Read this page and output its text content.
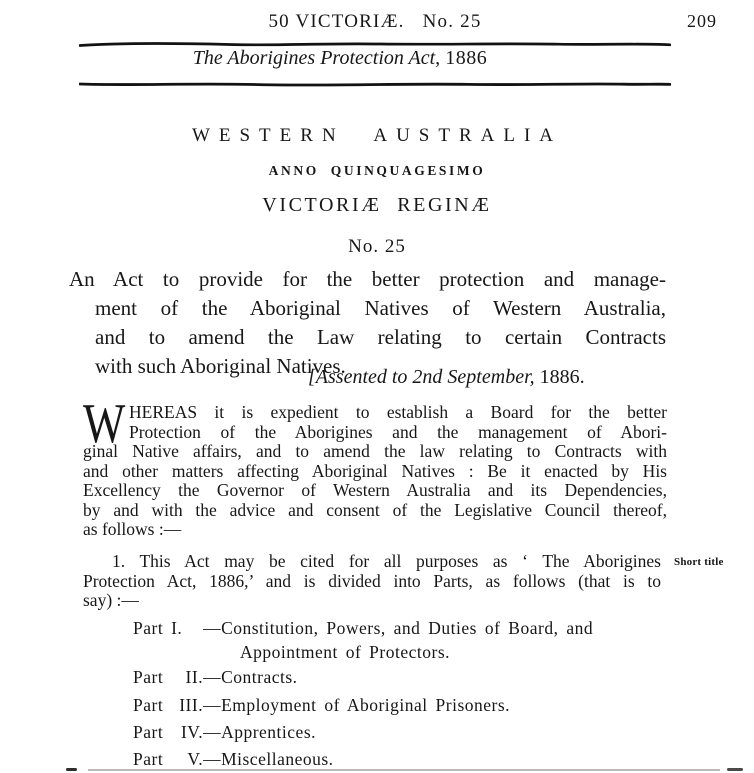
50 VICTORIÆ. No. 25	209
The Aborigines Protection Act, 1886
WESTERN AUSTRALIA
ANNO QUINQUAGESIMO
VICTORIÆ REGINÆ
No. 25
An Act to provide for the better protection and manage-
ment of the Aboriginal Natives of Western Australia,
and to amend the Law relating to certain Contracts
with such Aboriginal Natives.
[Assented to 2nd September, 1886.
W HEREAS it is expedient to establish a Board for the better
Protection of the Aborigines and the management of Abori-
ginal Native affairs, and to amend the law relating to Contracts with
and other matters affecting Aboriginal Natives : Be it enacted by His
Excellency the Governor of Western Australia and its Dependencies,
by and with the advice and consent of the Legislative Council thereof,
as follows :—
1. This Act may be cited for all purposes as ‘ The Aborigines
Protection Act, 1886,’ and is divided into Parts, as follows (that is to
say) :—
Short title
Part I. —Constitution, Powers, and Duties of Board, and
Appointment of Protectors.
Part II.—Contracts.
Part III.—Employment of Aboriginal Prisoners.
Part IV.—Apprentices.
Part V.—Miscellaneous.
